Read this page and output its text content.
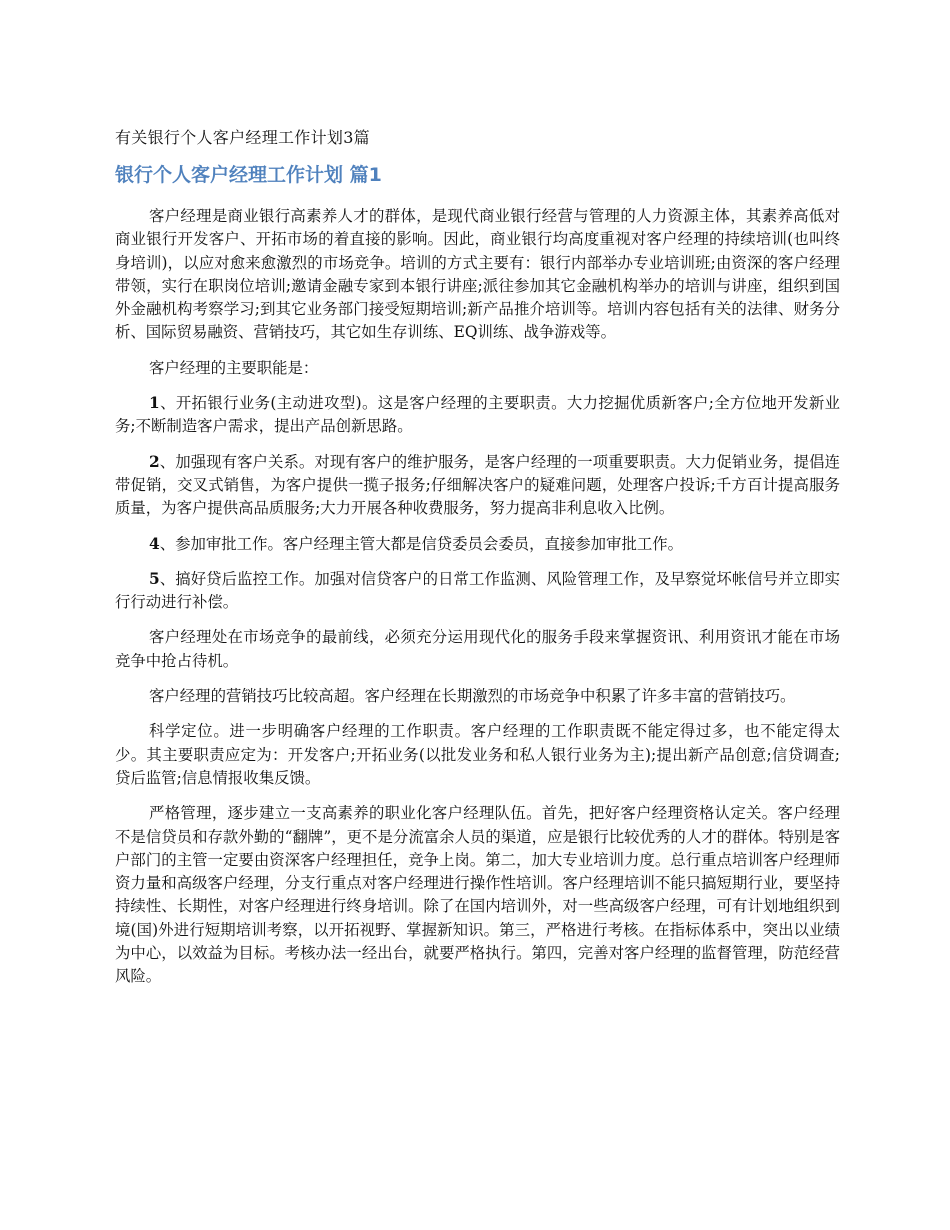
有关银行个人客户经理工作计划3篇
银行个人客户经理工作计划 篇1

客户经理是商业银行高素养人才的群体，是现代商业银行经营与管理的人力资源主体，其素养高低对商业银行开发客户、开拓市场的着直接的影响。因此，商业银行均高度重视对客户经理的持续培训(也叫终身培训)，以应对愈来愈激烈的市场竞争。培训的方式主要有：银行内部举办专业培训班;由资深的客户经理带领，实行在职岗位培训;邀请金融专家到本银行讲座;派往参加其它金融机构举办的培训与讲座，组织到国外金融机构考察学习;到其它业务部门接受短期培训;新产品推介培训等。培训内容包括有关的法律、财务分析、国际贸易融资、营销技巧，其它如生存训练、EQ训练、战争游戏等。

客户经理的主要职能是：

1、开拓银行业务(主动进攻型)。这是客户经理的主要职责。大力挖掘优质新客户;全方位地开发新业务;不断制造客户需求，提出产品创新思路。

2、加强现有客户关系。对现有客户的维护服务，是客户经理的一项重要职责。大力促销业务，提倡连带促销，交叉式销售，为客户提供一揽子报务;仔细解决客户的疑难问题，处理客户投诉;千方百计提高服务质量，为客户提供高品质服务;大力开展各种收费服务，努力提高非利息收入比例。

4、参加审批工作。客户经理主管大都是信贷委员会委员，直接参加审批工作。

5、搞好贷后监控工作。加强对信贷客户的日常工作监测、风险管理工作，及早察觉坏帐信号并立即实行行动进行补偿。

客户经理处在市场竞争的最前线，必须充分运用现代化的服务手段来掌握资讯、利用资讯才能在市场竞争中抢占待机。

客户经理的营销技巧比较高超。客户经理在长期激烈的市场竞争中积累了许多丰富的营销技巧。

科学定位。进一步明确客户经理的工作职责。客户经理的工作职责既不能定得过多，也不能定得太少。其主要职责应定为：开发客户;开拓业务(以批发业务和私人银行业务为主);提出新产品创意;信贷调查;贷后监管;信息情报收集反馈。

严格管理，逐步建立一支高素养的职业化客户经理队伍。首先，把好客户经理资格认定关。客户经理不是信贷员和存款外勤的“翻牌”，更不是分流富余人员的渠道，应是银行比较优秀的人才的群体。特别是客户部门的主管一定要由资深客户经理担任，竞争上岗。第二，加大专业培训力度。总行重点培训客户经理师资力量和高级客户经理，分支行重点对客户经理进行操作性培训。客户经理培训不能只搞短期行业，要坚持持续性、长期性，对客户经理进行终身培训。除了在国内培训外，对一些高级客户经理，可有计划地组织到境(国)外进行短期培训考察，以开拓视野、掌握新知识。第三，严格进行考核。在指标体系中，突出以业绩为中心，以效益为目标。考核办法一经出台，就要严格执行。第四，完善对客户经理的监督管理，防范经营风险。
